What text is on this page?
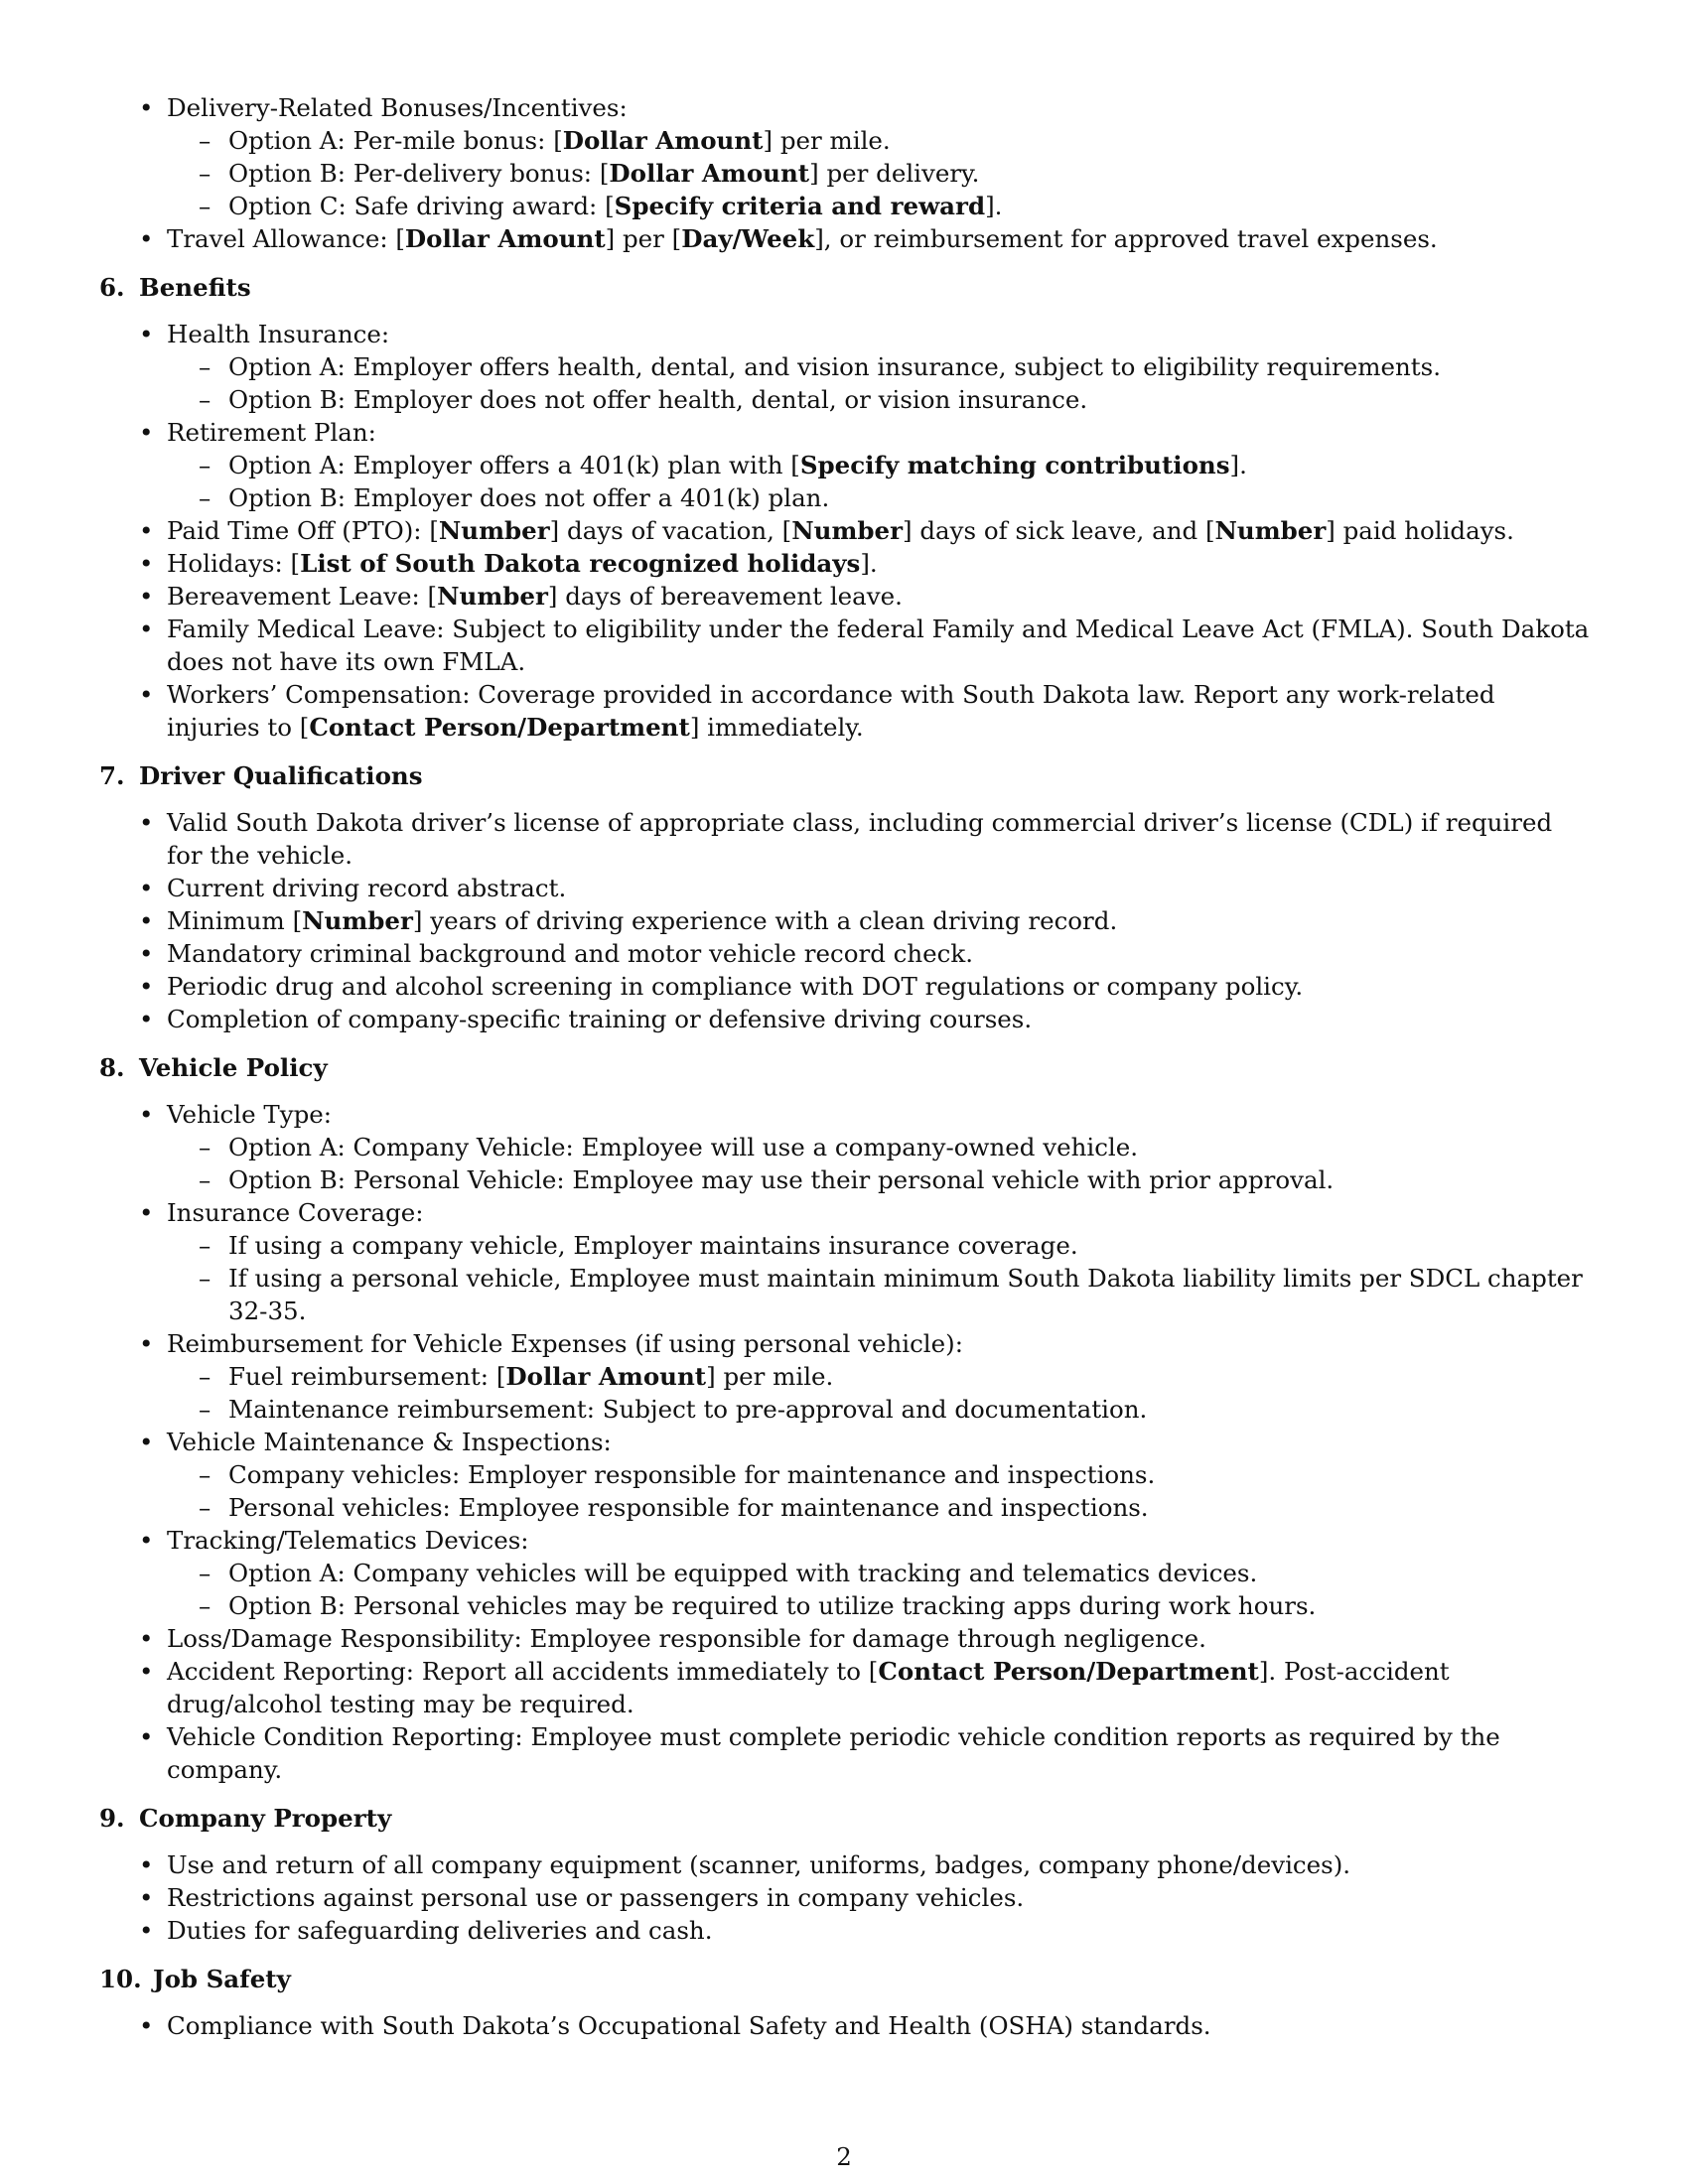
• Delivery-Related Bonuses/Incentives:
– Option A: Per-mile bonus: [Dollar Amount] per mile.
– Option B: Per-delivery bonus: [Dollar Amount] per delivery.
– Option C: Safe driving award: [Specify criteria and reward].
• Travel Allowance: [Dollar Amount] per [Day/Week], or reimbursement for approved travel expenses.
6. Benefits
• Health Insurance:
– Option A: Employer offers health, dental, and vision insurance, subject to eligibility requirements.
– Option B: Employer does not offer health, dental, or vision insurance.
• Retirement Plan:
– Option A: Employer offers a 401(k) plan with [Specify matching contributions].
– Option B: Employer does not offer a 401(k) plan.
• Paid Time Off (PTO): [Number] days of vacation, [Number] days of sick leave, and [Number] paid holidays.
• Holidays: [List of South Dakota recognized holidays].
• Bereavement Leave: [Number] days of bereavement leave.
• Family Medical Leave: Subject to eligibility under the federal Family and Medical Leave Act (FMLA). South Dakota does not have its own FMLA.
• Workers’ Compensation: Coverage provided in accordance with South Dakota law. Report any work-related injuries to [Contact Person/Department] immediately.
7. Driver Qualifications
• Valid South Dakota driver’s license of appropriate class, including commercial driver’s license (CDL) if required for the vehicle.
• Current driving record abstract.
• Minimum [Number] years of driving experience with a clean driving record.
• Mandatory criminal background and motor vehicle record check.
• Periodic drug and alcohol screening in compliance with DOT regulations or company policy.
• Completion of company-specific training or defensive driving courses.
8. Vehicle Policy
• Vehicle Type:
– Option A: Company Vehicle: Employee will use a company-owned vehicle.
– Option B: Personal Vehicle: Employee may use their personal vehicle with prior approval.
• Insurance Coverage:
– If using a company vehicle, Employer maintains insurance coverage.
– If using a personal vehicle, Employee must maintain minimum South Dakota liability limits per SDCL chapter 32-35.
• Reimbursement for Vehicle Expenses (if using personal vehicle):
– Fuel reimbursement: [Dollar Amount] per mile.
– Maintenance reimbursement: Subject to pre-approval and documentation.
• Vehicle Maintenance & Inspections:
– Company vehicles: Employer responsible for maintenance and inspections.
– Personal vehicles: Employee responsible for maintenance and inspections.
• Tracking/Telematics Devices:
– Option A: Company vehicles will be equipped with tracking and telematics devices.
– Option B: Personal vehicles may be required to utilize tracking apps during work hours.
• Loss/Damage Responsibility: Employee responsible for damage through negligence.
• Accident Reporting: Report all accidents immediately to [Contact Person/Department]. Post-accident drug/alcohol testing may be required.
• Vehicle Condition Reporting: Employee must complete periodic vehicle condition reports as required by the company.
9. Company Property
• Use and return of all company equipment (scanner, uniforms, badges, company phone/devices).
• Restrictions against personal use or passengers in company vehicles.
• Duties for safeguarding deliveries and cash.
10. Job Safety
• Compliance with South Dakota’s Occupational Safety and Health (OSHA) standards.
2
